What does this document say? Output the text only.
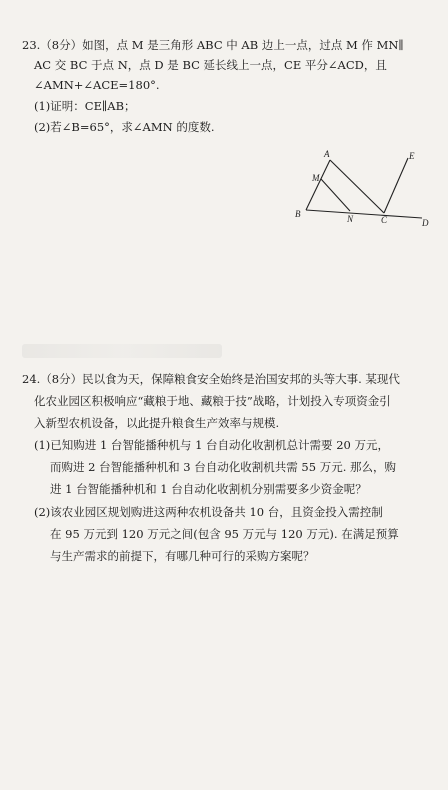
23.（8分）如图，点 M 是三角形 ABC 中 AB 边上一点，过点 M 作 MN∥
AC 交 BC 于点 N，点 D 是 BC 延长线上一点，CE 平分∠ACD，且
∠AMN+∠ACE=180°.
(1)证明：CE∥AB；
(2)若∠B=65°，求∠AMN 的度数.
A
M
B	N	C
E
D
24.（8分）民以食为天，保障粮食安全始终是治国安邦的头等大事. 某现代
化农业园区积极响应“藏粮于地、藏粮于技”战略，计划投入专项资金引
入新型农机设备，以此提升粮食生产效率与规模.
(1)已知购进 1 台智能播种机与 1 台自动化收割机总计需要 20 万元，
而购进 2 台智能播种机和 3 台自动化收割机共需 55 万元. 那么，购
进 1 台智能播种机和 1 台自动化收割机分别需要多少资金呢？
(2)该农业园区规划购进这两种农机设备共 10 台，且资金投入需控制
在 95 万元到 120 万元之间(包含 95 万元与 120 万元). 在满足预算
与生产需求的前提下，有哪几种可行的采购方案呢？
